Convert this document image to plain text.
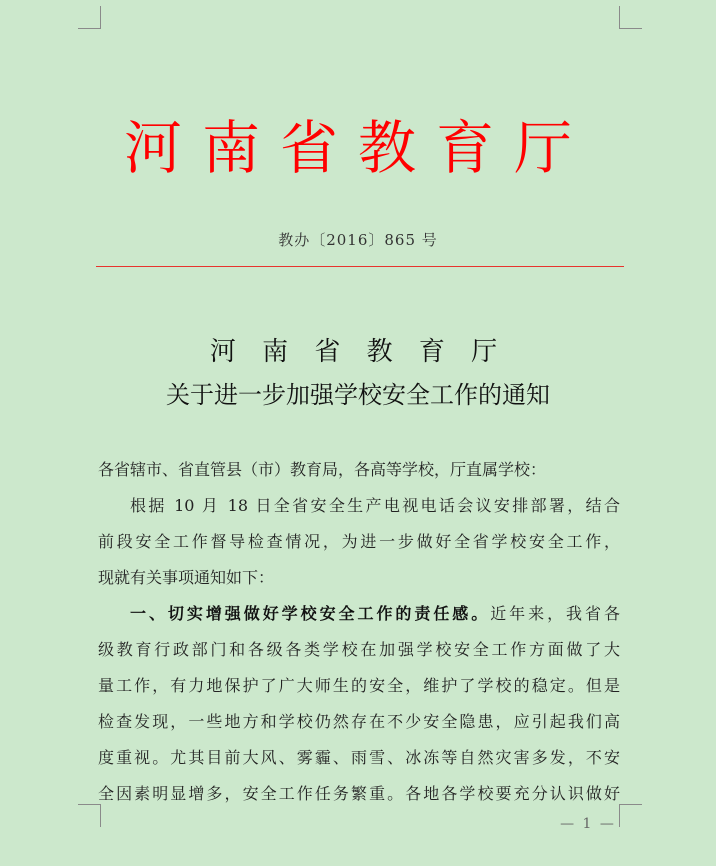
河南省教育厅
教办〔2016〕865 号
河 南 省 教 育 厅
关于进一步加强学校安全工作的通知
各省辖市、省直管县（市）教育局，各高等学校，厅直属学校：
根据 10 月 18 日全省安全生产电视电话会议安排部署，结合
前段安全工作督导检查情况，为进一步做好全省学校安全工作，
现就有关事项通知如下：
一、切实增强做好学校安全工作的责任感。近年来，我省各
级教育行政部门和各级各类学校在加强学校安全工作方面做了大
量工作，有力地保护了广大师生的安全，维护了学校的稳定。但是
检查发现，一些地方和学校仍然存在不少安全隐患，应引起我们高
度重视。尤其目前大风、雾霾、雨雪、冰冻等自然灾害多发，不安
全因素明显增多，安全工作任务繁重。各地各学校要充分认识做好
— 1 —
